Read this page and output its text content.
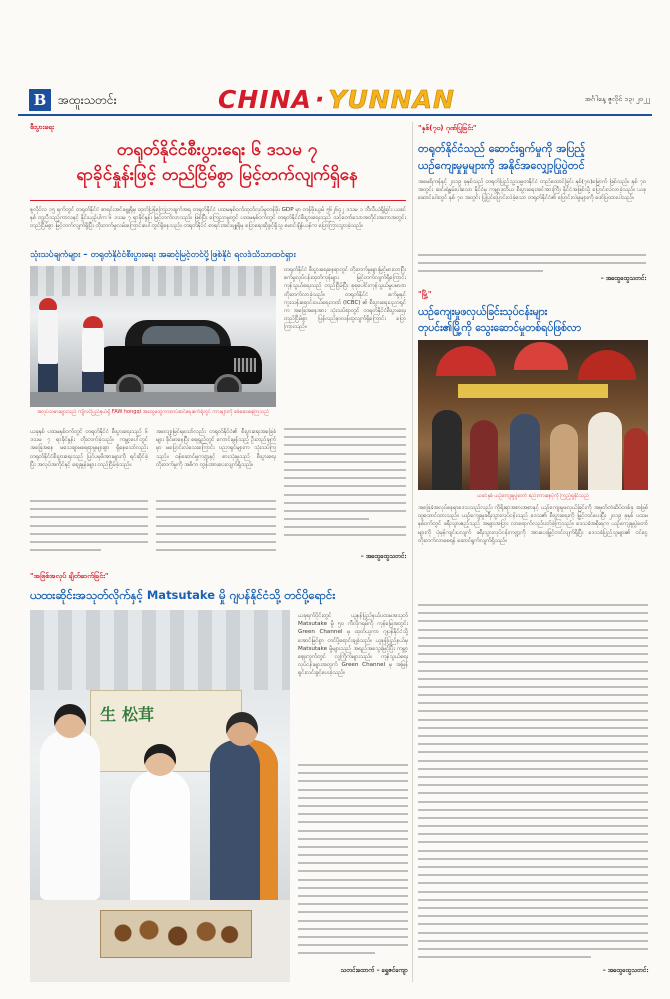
B အထူးသတင်း	CHINA · YUNNAN	အင်္ဂါနေ့ ဇူလိုင် ၁၃၊ ၂၀၂၂
စီးပွားရေး
တရုတ်နိုင်ငံစီးပွားရေး ၆ ဒသမ ၇
ရာခိုင်နှုန်းဖြင့် တည်ငြိမ်စွာ မြင့်တက်လျက်ရှိနေ
ဇူလိုင်လ ၁၅ ရက်တွင် တရုတ်နိုင်ငံ စာရင်းအင်းဗျူရိုမှ ထုတ်ပြန်ကြေညာချက်အရ တရုတ်နိုင်ငံ ပထမနှစ်ဝက်ထုတ်လုပ်မှုတန်ဖိုး GDP မှာ တန်ဖိုးယွမ် ၅၆၂၆၄၂ ဒသမ ၁ ဘီလီယံရှိခြင်း ယခင်နှစ် တူညီသည့်ကာလနှင့် နှိုင်းယှဉ်ပါက ၆ ဒသမ ၇ ရာခိုင်နှုန်း မြင့်တက်လာသည်။ ဖြစ်ပြီး ကြေညာမှုတွင် ပထမနှစ်ဝက်တွင် တရုတ်နိုင်ငံစီးပွားရေးသည် သင့်တော်သောအတိုင်းအတာအတွင်း တည်ငြိမ်စွာ မြင့်တက်လျက်ရှိပြီး တိုးတက်မှုလမ်းကြောင်းပေါ်တွင်ရှိနေသည်။ တရုတ်နိုင်ငံ စာရင်းအင်းဗျူရိုမှ ပြောရေးဆိုခွင့်ရှိသူ မောင်ချိန်ယန်က ပြောကြားသွားခဲ့သည်။
သုံးသပ်ချက်များ – တရုတ်နိုင်ငံစီးပွားရေး အဆင့်မြင့်တင်ပို့ဖြစ်နိုင် ရလဒ်သိသာထင်ရှား
အလုပ်သမားများသည် ကျိလင်ပြည်နယ်ရှိ FAW hongqi အထွေထွေကားတပ်ဆင်ရေးစက်ရုံတွင် ကားများကို စစ်ဆေးနေကြသည်
တရုတ်နိုင်ငံ စီးပွားရေးနေရာတွင် တိုးတက်မှုများမြင့်မားလာပြီး စက်မှုလုပ်ငန်းထုတ်ကုန်များ မြင့်တက်လျက်ရှိကြောင်း ကုန်သွယ်ရေးသည် တည်ငြိမ်ပြီး စုစုပေါင်းကုန်သွယ်မှုပမာဏ တိုးတက်လာခဲ့သည်။ တရုတ်နိုင်ငံ စက်မှုနှင့်ကူးသန်းရောင်းဝယ်ရေးဘဏ် (ICBC) ၏ စီးပွားရေးပညာရှင်က အခြေအနေအား သုံးသပ်ရာတွင် တရုတ်နိုင်ငံစီးပွားရေး တည်ငြိမ်စွာ ပြန်လည်နာလန်ထူလျက်ရှိကြောင်း ပြောကြားသည်။
ယခုနှစ် ပထမနှစ်ဝက်တွင် တရုတ်နိုင်ငံ စီးပွားရေးသည် ၆ ဒသမ ၇ ရာခိုင်နှုန်း တိုးတက်ခဲ့သည်။ ကမ္ဘာ့ပေါ်တွင် အခြေအနေ မသေချာမရေရာမှုများစွာ ရှိနေသော်လည်း တရုတ်နိုင်ငံစီးပွားရေးသည် ပြင်ပမှဖိအားများကို ရင်ဆိုင်ခဲ့ပြီး အလုပ်အကိုင်နှင့် စျေးနှုန်းများ တည်ငြိမ်ခဲ့သည်။
အလျော့မြင်ရသော်လည်း တရုတ်နိုင်ငံ၏ စီးပွားရေးအခြေခံများ ခိုင်မာနေပြီး ရေရှည်တွင် ကောင်းမွန်သည့် ဦးတည်ချက်မှာ မပြောင်းလဲသေးကြောင်း ပညာရှင်များက သုံးသပ်ကြသည်။ ဝန်ဆောင်မှုကဏ္ဍနှင့် စားသုံးမှုသည် စီးပွားရေးတိုးတက်မှုကို အဓိက တွန်းအားပေးလျက်ရှိသည်။
– အထွေထွေသတင်း
"အဖြစ်အလုပ် ချိတ်ဆက်ခြင်း"
ယထးဆိုင်းအသုတ်လိုက်နှင့် Matsutake မှို ဂျပန်နိုင်ငံသို့ တင်ပို့ရောင်း
生 松茸
ယခုရက်ပိုင်းတွင် ယူနန်ပြည်နယ်ပထမအသုတ် Matsutake မှို ၅၀ ကီလိုဂရမ်ကို ကုန်မြေအတွင်း Green Channel မှ ထုတ်ယူကာ ဂျပန်နိုင်ငံသို့ အောင်မြင်စွာ တင်ပို့ရောင်းချခဲ့သည်။ ယူနန်ပြည်နယ်မှ Matsutake မှိုများသည် အရည်အသွေးမြင့်ပြီး ကမ္ဘာ့ဈေးကွက်တွင် လူကြိုက်များသည်။ ကုန်သွယ်ရေးလုပ်ငန်းများအတွက် Green Channel မှ အမြန်ရှင်းလင်းခွင့်ပေးခဲ့သည်။
သတင်းထောက် – ရွှေဇင်ကျော
"နှစ်(၇၀) ဂုဏ်ပြုခြင်း"
တရုတ်နိုင်ငံသည် ဆောင်းရွက်မှုကို အပြည့်
ယဉ်ကျေးမှုမှုများကို အနိုင်အလျှော့ပြုပွဲတင်
အမေရိကန်နှင့် ၂၀၁၉ ခုနှစ်သည် တရုတ်ပြည်သူ့သမ္မတနိုင်ငံ တည်ထောင်ခြင်း နှစ်(၇၀)မြောက် ဖြစ်သည်။ နှစ် ၇၀ အတွင်း ဆင်းရဲနွမ်းပါးသော နိုင်ငံမှ ကမ္ဘာ့ဒုတိယ စီးပွားရေးအင်အားကြီး နိုင်ငံအဖြစ်သို့ ပြောင်းလဲလာခဲ့သည်။ ယခုဆောင်းပါးတွင် နှစ် ၇၀ အတွင်း ပြုပြင်ပြောင်းလဲခဲ့သော တရုတ်နိုင်ငံ၏ ပြောင်းလဲမှုများကို ဖော်ပြထားပါသည်။
– အထွေထွေသတင်း
"မြို့"
ယဉ်ကျေးမှုဖလှယ်ခြင်းသုပ်ငန်းများ
တုပင်း၏မြို့ကို သွေးဆောင်မှုတစ်ရပ်ဖြစ်လာ
ယခင်နှစ် ယဉ်ကျေးမှုပွဲတော် စည်းကားနေပုံကို ကြည့်ရှုနိုင်သည်
အခြေခံအလုပ်နေရာဒေသသည်လည်း ကိုရိုးရာအစားအစာနှင့် ယဉ်ကျေးမှုဖလှယ်ခြင်းကို အမှတ်တံဆိပ်တစ်ခု အဖြစ်ထူထောင်ထားသည်။ ယဉ်ကျေးမှုခရီးသွားလုပ်ငန်းသည် ဒေသ၏ စီးပွားရေးကို မြှင့်တင်ပေးပြီး ၂၀၁၉ ခုနှစ် ပထမနှစ်ဝက်တွင် ခရီးသွားဧည့်သည် အများအပြား လာရောက်လည်ပတ်ခဲ့ကြသည်။ ဒေသခံအစိုးရက ယဉ်ကျေးမှုပွဲတော်များကို ပုံမှန်ကျင်းပလျက် ခရီးသွားလုပ်ငန်းကဏ္ဍကို အားပေးမြှင့်တင်လျက်ရှိပြီး ဒေသခံပြည်သူများ၏ ဝင်ငွေတိုးတက်လာစေရန် ဆောင်ရွက်လျက်ရှိသည်။
– အထွေထွေသတင်း
